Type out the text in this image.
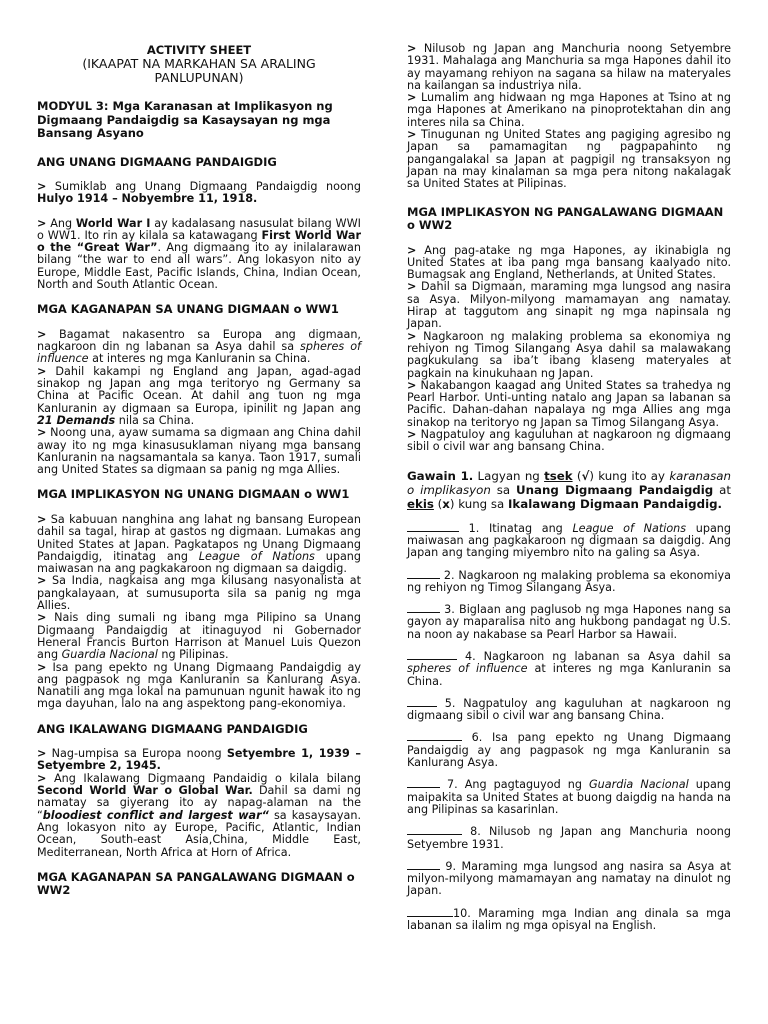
ACTIVITY SHEET

(IKAAPAT NA MARKAHAN SA ARALING PANLUPUNAN)

MODYUL 3: Mga Karanasan at Implikasyon ng Digmaang Pandaigdig sa Kasaysayan ng mga Bansang Asyano

ANG UNANG DIGMAANG PANDAIGDIG

> Sumiklab ang Unang Digmaang Pandaigdig noong Hulyo 1914 – Nobyembre 11, 1918.

> Ang World War I ay kadalasang nasusulat bilang WWI o WW1. Ito rin ay kilala sa katawagang First World War o the “Great War”. Ang digmaang ito ay inilalarawan bilang “the war to end all wars”. Ang lokasyon nito ay Europe, Middle East, Pacific Islands, China, Indian Ocean, North and South Atlantic Ocean.

MGA KAGANAPAN SA UNANG DIGMAAN o WW1

> Bagamat nakasentro sa Europa ang digmaan, nagkaroon din ng labanan sa Asya dahil sa spheres of influence at interes ng mga Kanluranin sa China.

> Dahil kakampi ng England ang Japan, agad-agad sinakop ng Japan ang mga teritoryo ng Germany sa China at Pacific Ocean. At dahil ang tuon ng mga Kanluranin ay digmaan sa Europa, ipinilit ng Japan ang 21 Demands nila sa China.

> Noong una, ayaw sumama sa digmaan ang China dahil away ito ng mga kinasusuklaman niyang mga bansang Kanluranin na nagsamantala sa kanya. Taon 1917, sumali ang United States sa digmaan sa panig ng mga Allies.

MGA IMPLIKASYON NG UNANG DIGMAAN o WW1

> Sa kabuuan nanghina ang lahat ng bansang European dahil sa tagal, hirap at gastos ng digmaan. Lumakas ang United States at Japan. Pagkatapos ng Unang Digmaang Pandaigdig, itinatag ang League of Nations upang maiwasan na ang pagkakaroon ng digmaan sa daigdig.

> Sa India, nagkaisa ang mga kilusang nasyonalista at pangkalayaan, at sumusuporta sila sa panig ng mga Allies.

> Nais ding sumali ng ibang mga Pilipino sa Unang Digmaang Pandaigdig at itinaguyod ni Gobernador Heneral Francis Burton Harrison at Manuel Luis Quezon ang Guardia Nacional ng Pilipinas.

> Isa pang epekto ng Unang Digmaang Pandaigdig ay ang pagpasok ng mga Kanluranin sa Kanlurang Asya. Nanatili ang mga lokal na pamunuan ngunit hawak ito ng mga dayuhan, lalo na ang aspektong pang-ekonomiya.

ANG IKALAWANG DIGMAANG PANDAIGDIG

> Nag-umpisa sa Europa noong Setyembre 1, 1939 – Setyembre 2, 1945.

> Ang Ikalawang Digmaang Pandaidig o kilala bilang Second World War o Global War. Dahil sa dami ng namatay sa giyerang ito ay napag-alaman na the “bloodiest conflict and largest war“ sa kasaysayan. Ang lokasyon nito ay Europe, Pacific, Atlantic, Indian Ocean, South-east Asia,China, Middle East, Mediterranean, North Africa at Horn of Africa.

MGA KAGANAPAN SA PANGALAWANG DIGMAAN o WW2

> Nilusob ng Japan ang Manchuria noong Setyembre 1931. Mahalaga ang Manchuria sa mga Hapones dahil ito ay mayamang rehiyon na sagana sa hilaw na materyales na kailangan sa industriya nila.

> Lumalim ang hidwaan ng mga Hapones at Tsino at ng mga Hapones at Amerikano na pinoprotektahan din ang interes nila sa China.

> Tinugunan ng United States ang pagiging agresibo ng Japan sa pamamagitan ng pagpapahinto ng pangangalakal sa Japan at pagpigil ng transaksyon ng Japan na may kinalaman sa mga pera nitong nakalagak sa United States at Pilipinas.

MGA IMPLIKASYON NG PANGALAWANG DIGMAAN o WW2

> Ang pag-atake ng mga Hapones, ay ikinabigla ng United States at iba pang mga bansang kaalyado nito. Bumagsak ang England, Netherlands, at United States.

> Dahil sa Digmaan, maraming mga lungsod ang nasira sa Asya. Milyon-milyong mamamayan ang namatay. Hirap at taggutom ang sinapit ng mga napinsala ng Japan.

> Nagkaroon ng malaking problema sa ekonomiya ng rehiyon ng Timog Silangang Asya dahil sa malawakang pagkukulang sa iba’t ibang klaseng materyales at pagkain na kinukuhaan ng Japan.

> Nakabangon kaagad ang United States sa trahedya ng Pearl Harbor. Unti-unting natalo ang Japan sa labanan sa Pacific. Dahan-dahan napalaya ng mga Allies ang mga sinakop na teritoryo ng Japan sa Timog Silangang Asya.

> Nagpatuloy ang kaguluhan at nagkaroon ng digmaang sibil o civil war ang bansang China.

Gawain 1. Lagyan ng tsek (√) kung ito ay karanasan o implikasyon sa Unang Digmaang Pandaigdig at ekis (x) kung sa Ikalawang Digmaan Pandaigdig.

1. Itinatag ang League of Nations upang maiwasan ang pagkakaroon ng digmaan sa daigdig. Ang Japan ang tanging miyembro nito na galing sa Asya.

2. Nagkaroon ng malaking problema sa ekonomiya ng rehiyon ng Timog Silangang Asya.

3. Biglaan ang paglusob ng mga Hapones nang sa gayon ay maparalisa nito ang hukbong pandagat ng U.S. na noon ay nakabase sa Pearl Harbor sa Hawaii.

4. Nagkaroon ng labanan sa Asya dahil sa spheres of influence at interes ng mga Kanluranin sa China.

5. Nagpatuloy ang kaguluhan at nagkaroon ng digmaang sibil o civil war ang bansang China.

6. Isa pang epekto ng Unang Digmaang Pandaigdig ay ang pagpasok ng mga Kanluranin sa Kanlurang Asya.

7. Ang pagtaguyod ng Guardia Nacional upang maipakita sa United States at buong daigdig na handa na ang Pilipinas sa kasarinlan.

8. Nilusob ng Japan ang Manchuria noong Setyembre 1931.

9. Maraming mga lungsod ang nasira sa Asya at milyon-milyong mamamayan ang namatay na dinulot ng Japan.

10. Maraming mga Indian ang dinala sa mga labanan sa ilalim ng mga opisyal na English.
